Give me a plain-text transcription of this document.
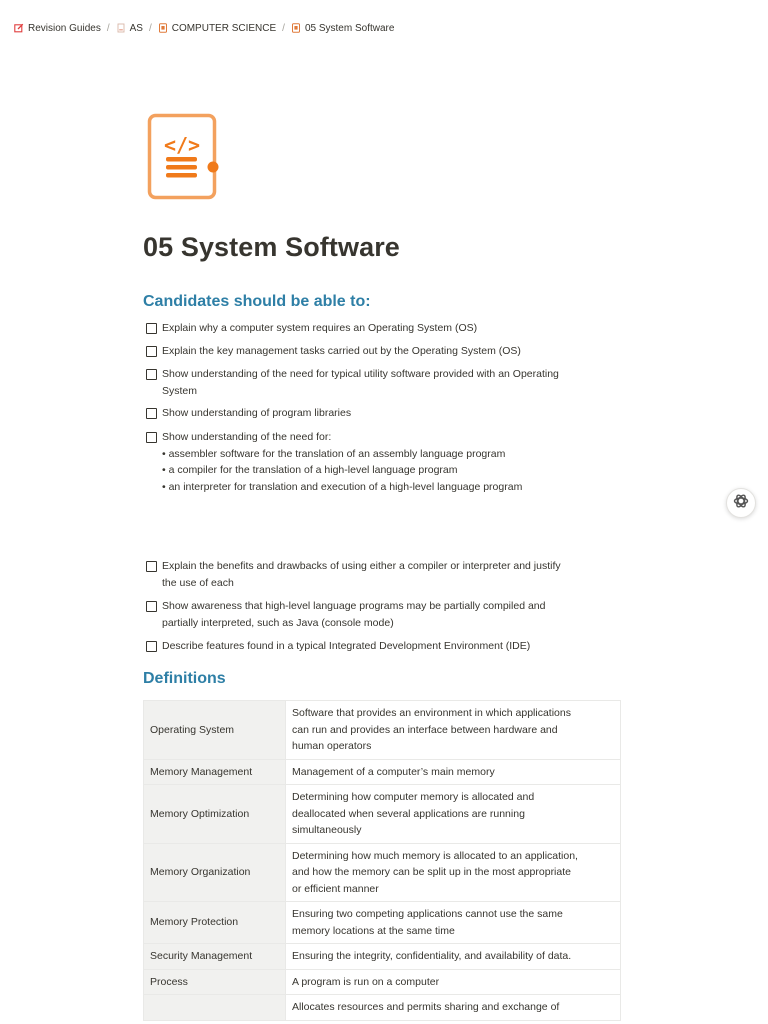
Revision Guides / AS / COMPUTER SCIENCE / 05 System Software
</>
05 System Software
Candidates should be able to:
Explain why a computer system requires an Operating System (OS)
Explain the key management tasks carried out by the Operating System (OS)
Show understanding of the need for typical utility software provided with an Operating
System
Show understanding of program libraries
Show understanding of the need for:
• assembler software for the translation of an assembly language program
• a compiler for the translation of a high-level language program
• an interpreter for translation and execution of a high-level language program
Explain the benefits and drawbacks of using either a compiler or interpreter and justify
the use of each
Show awareness that high-level language programs may be partially compiled and
partially interpreted, such as Java (console mode)
Describe features found in a typical Integrated Development Environment (IDE)
Definitions
Operating System	Software that provides an environment in which applications
can run and provides an interface between hardware and
human operators

Memory Management	Management of a computer’s main memory

Memory Optimization	Determining how computer memory is allocated and
deallocated when several applications are running
simultaneously

Memory Organization	Determining how much memory is allocated to an application,
and how the memory can be split up in the most appropriate
or efficient manner

Memory Protection	Ensuring two competing applications cannot use the same
memory locations at the same time

Security Management	Ensuring the integrity, confidentiality, and availability of data.

Process	A program is run on a computer

	Allocates resources and permits sharing and exchange of
